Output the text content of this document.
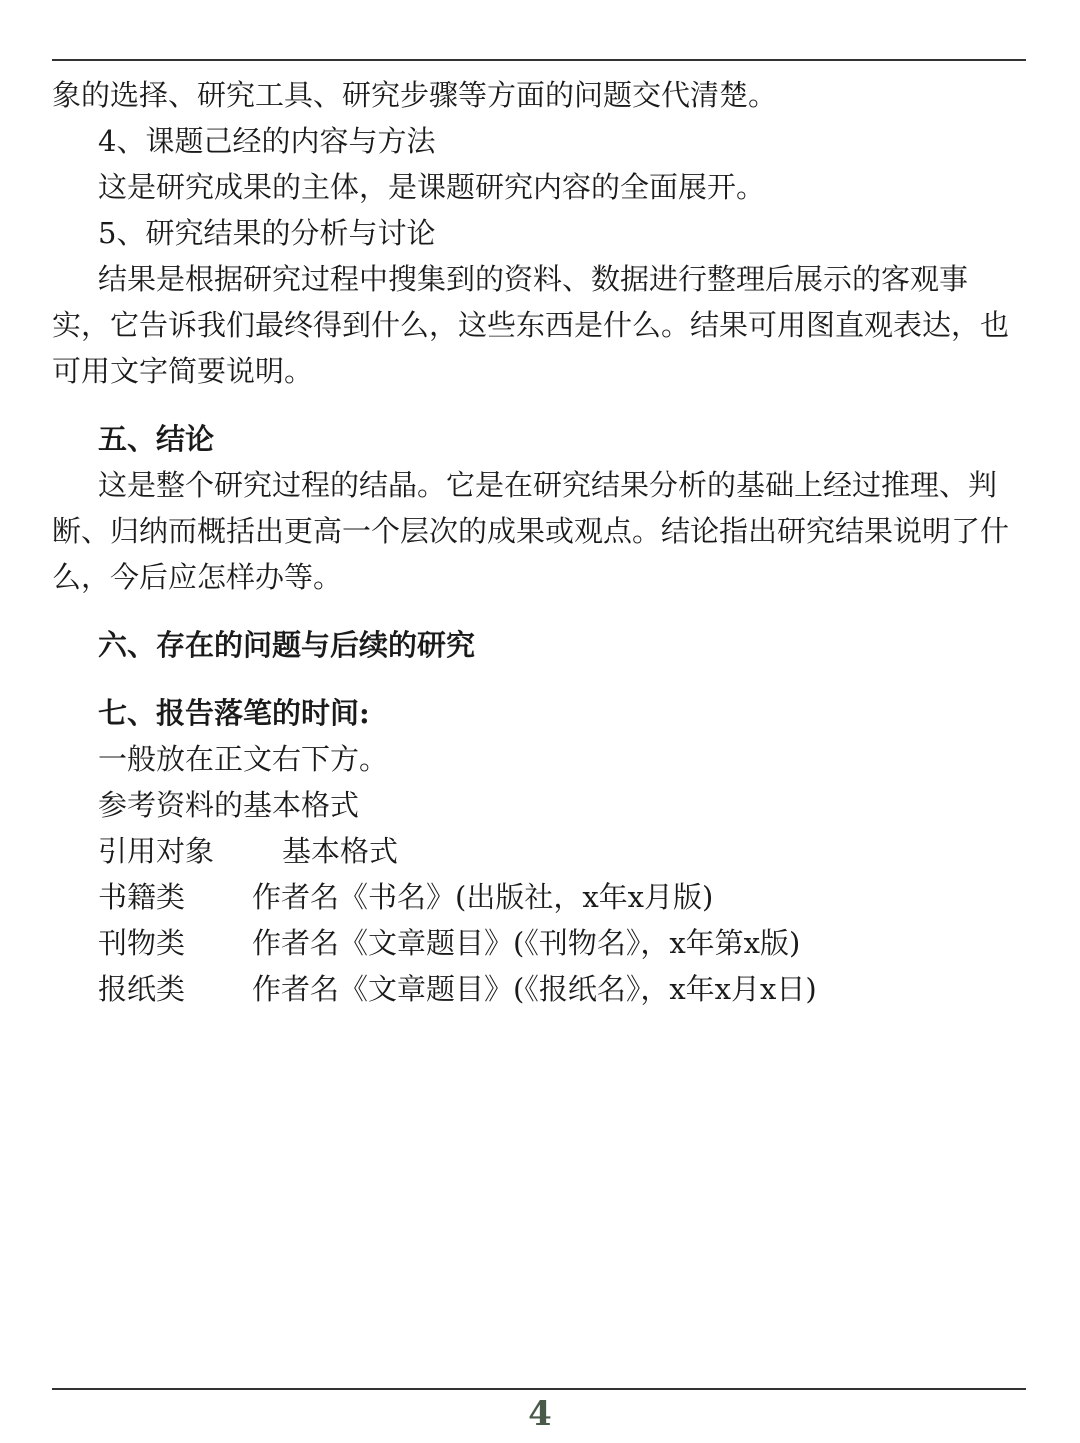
象的选择、研究工具、研究步骤等方面的问题交代清楚。

4、课题己经的内容与方法

这是研究成果的主体，是课题研究内容的全面展开。

5、研究结果的分析与讨论

结果是根据研究过程中搜集到的资料、数据进行整理后展示的客观事实，它告诉我们最终得到什么，这些东西是什么。结果可用图直观表达，也可用文字简要说明。

五、结论

这是整个研究过程的结晶。它是在研究结果分析的基础上经过推理、判断、归纳而概括出更高一个层次的成果或观点。结论指出研究结果说明了什么，今后应怎样办等。

六、存在的问题与后续的研究

七、报告落笔的时间:

一般放在正文右下方。

参考资料的基本格式

引用对象	基本格式
书籍类	作者名《书名》(出版社，x年x月版)
刊物类	作者名《文章题目》(《刊物名》，x年第x版)
报纸类	作者名《文章题目》(《报纸名》，x年x月x日)
4
